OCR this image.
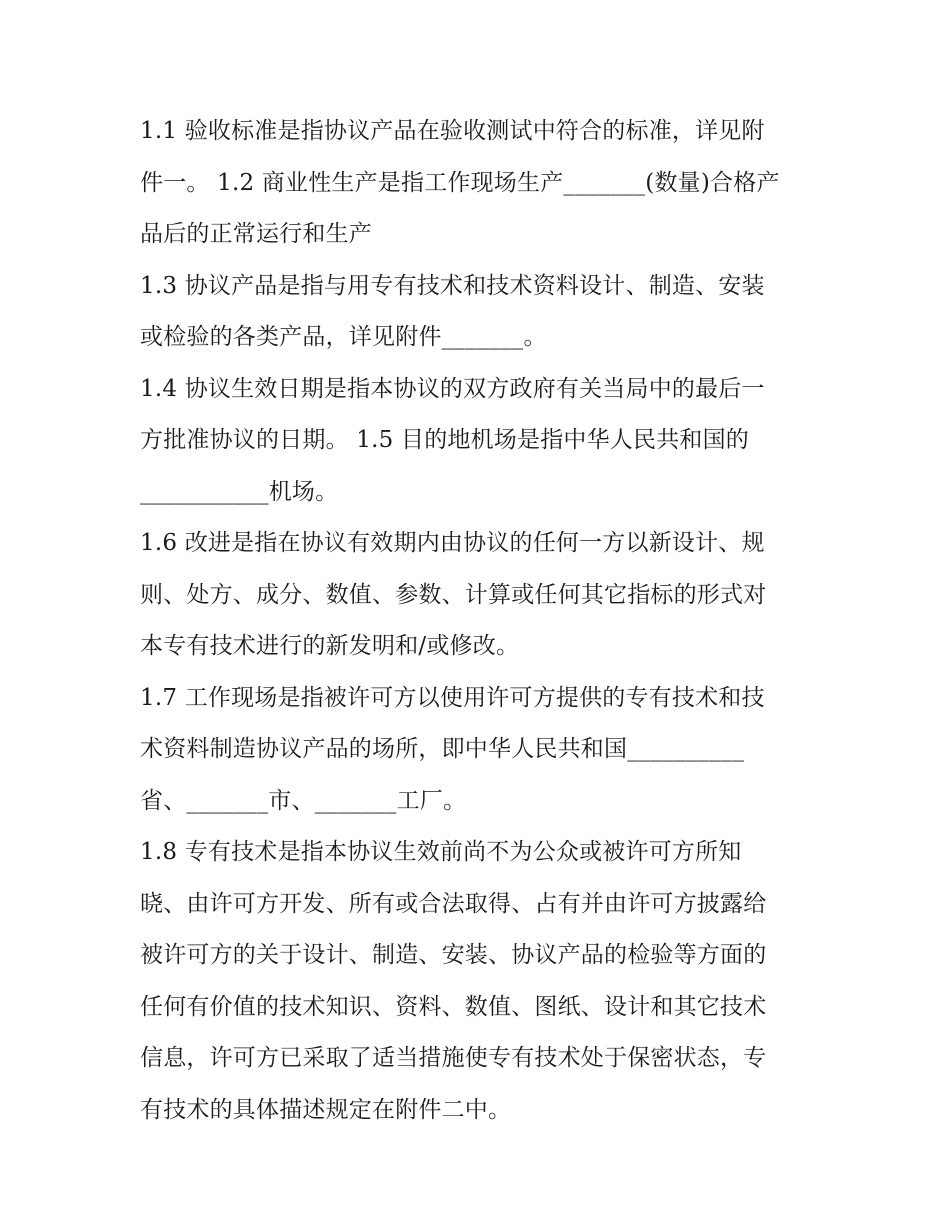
1.1 验收标准是指协议产品在验收测试中符合的标准，详见附
件一。 1.2 商业性生产是指工作现场生产_______(数量)合格产
品后的正常运行和生产
1.3 协议产品是指与用专有技术和技术资料设计、制造、安装
或检验的各类产品，详见附件_______。
1.4 协议生效日期是指本协议的双方政府有关当局中的最后一
方批准协议的日期。 1.5 目的地机场是指中华人民共和国的
___________机场。
1.6 改进是指在协议有效期内由协议的任何一方以新设计、规
则、处方、成分、数值、参数、计算或任何其它指标的形式对
本专有技术进行的新发明和/或修改。
1.7 工作现场是指被许可方以使用许可方提供的专有技术和技
术资料制造协议产品的场所，即中华人民共和国__________
省、_______市、_______工厂。
1.8 专有技术是指本协议生效前尚不为公众或被许可方所知
晓、由许可方开发、所有或合法取得、占有并由许可方披露给
被许可方的关于设计、制造、安装、协议产品的检验等方面的
任何有价值的技术知识、资料、数值、图纸、设计和其它技术
信息，许可方已采取了适当措施使专有技术处于保密状态，专
有技术的具体描述规定在附件二中。
